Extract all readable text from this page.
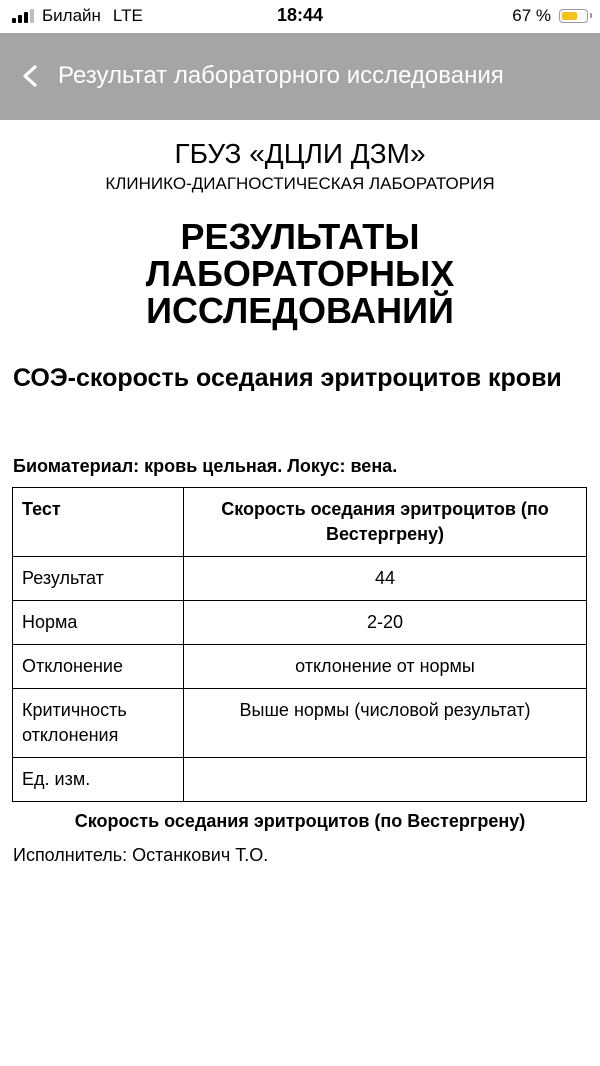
Билайн LTE	18:44	67 %
Результат лабораторного исследования
ГБУЗ «ДЦЛИ ДЗМ»
КЛИНИКО-ДИАГНОСТИЧЕСКАЯ ЛАБОРАТОРИЯ
РЕЗУЛЬТАТЫ
ЛАБОРАТОРНЫХ
ИССЛЕДОВАНИЙ
СОЭ-скорость оседания эритроцитов крови
Биоматериал: кровь цельная. Локус: вена.
Тест	Скорость оседания эритроцитов (по Вестергрену)
Результат	44
Норма	2-20
Отклонение	отклонение от нормы
Критичность отклонения	Выше нормы (числовой результат)
Ед. изм.	
Скорость оседания эритроцитов (по Вестергрену)
Исполнитель: Останкович Т.О.
